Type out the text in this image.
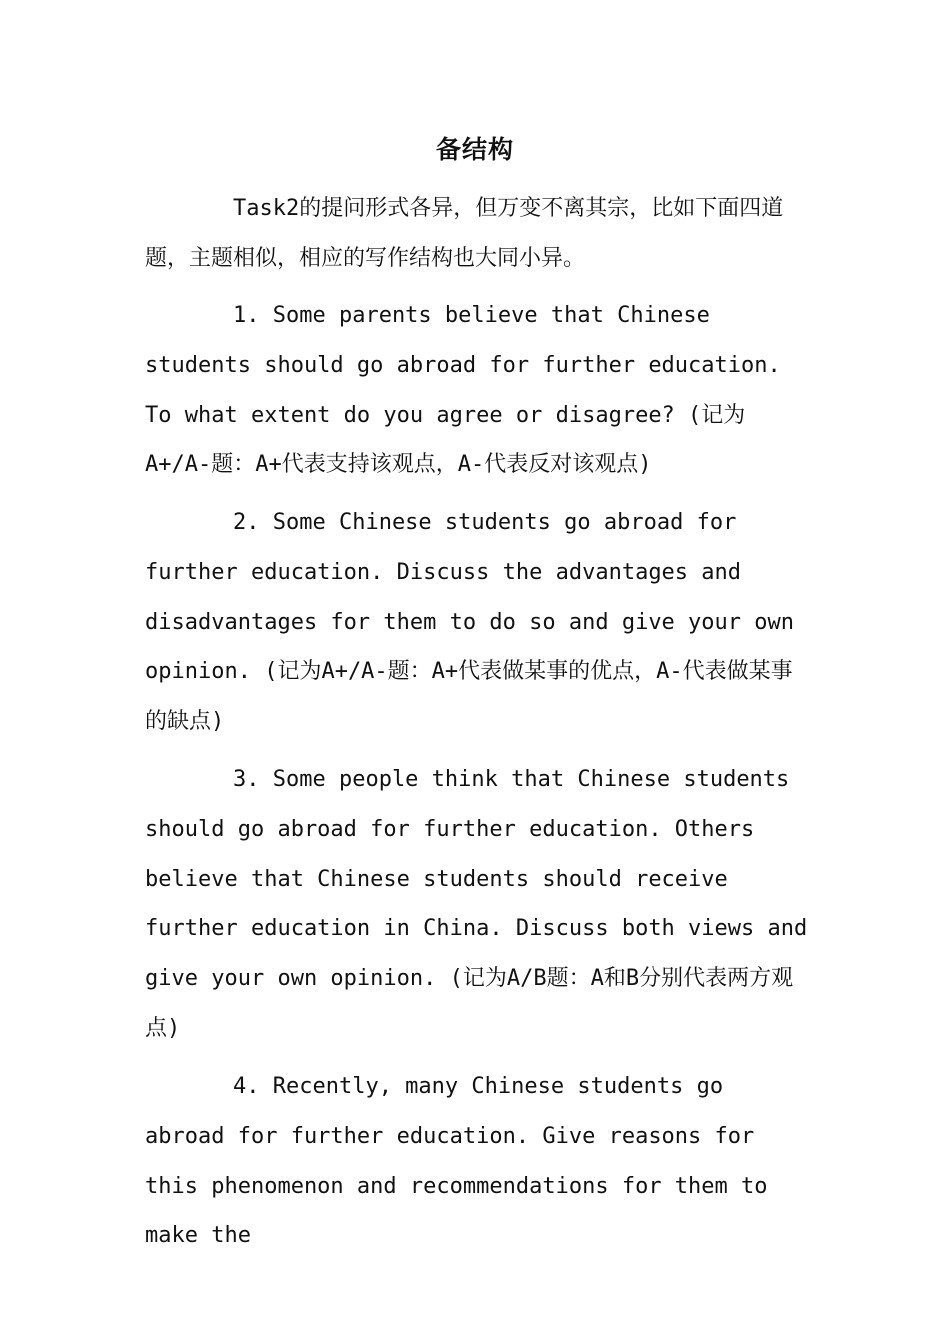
备结构

Task2的提问形式各异，但万变不离其宗，比如下面四道题，主题相似，相应的写作结构也大同小异。

1. Some parents believe that Chinese students should go abroad for further education. To what extent do you agree or disagree? (记为A+/A-题：A+代表支持该观点，A-代表反对该观点)

2. Some Chinese students go abroad for further education. Discuss the advantages and disadvantages for them to do so and give your own opinion. (记为A+/A-题：A+代表做某事的优点，A-代表做某事的缺点)

3. Some people think that Chinese students should go abroad for further education. Others believe that Chinese students should receive further education in China. Discuss both views and give your own opinion. (记为A/B题：A和B分别代表两方观点)

4. Recently, many Chinese students go abroad for further education. Give reasons for this phenomenon and recommendations for them to make the
